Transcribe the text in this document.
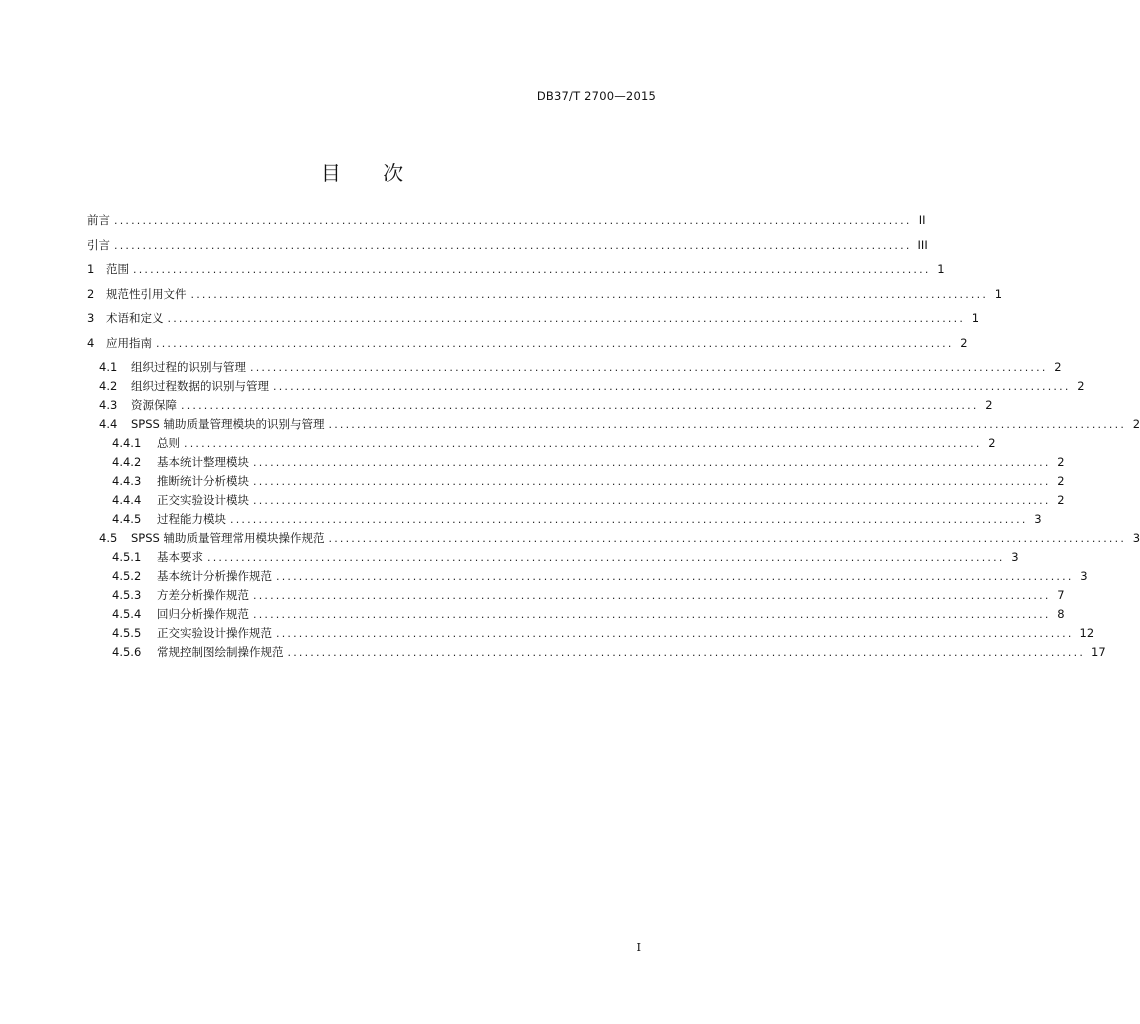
DB37/T 2700—2015
目 次
前言 ............................................................................................................................................ II
引言 ............................................................................................................................................ III
1	范围 ............................................................................................................................................ 1
2	规范性引用文件 ............................................................................................................................................ 1
3	术语和定义 ............................................................................................................................................ 1
4	应用指南 ............................................................................................................................................ 2
4.1	组织过程的识别与管理 ............................................................................................................................................ 2
4.2	组织过程数据的识别与管理 ............................................................................................................................................ 2
4.3	资源保障 ............................................................................................................................................ 2
4.4	SPSS 辅助质量管理模块的识别与管理 ............................................................................................................................................ 2
4.4.1	总则 ............................................................................................................................................ 2
4.4.2	基本统计整理模块 ............................................................................................................................................ 2
4.4.3	推断统计分析模块 ............................................................................................................................................ 2
4.4.4	正交实验设计模块 ............................................................................................................................................ 2
4.4.5	过程能力模块 ............................................................................................................................................ 3
4.5	SPSS 辅助质量管理常用模块操作规范 ............................................................................................................................................ 3
4.5.1	基本要求 ............................................................................................................................................ 3
4.5.2	基本统计分析操作规范 ............................................................................................................................................ 3
4.5.3	方差分析操作规范 ............................................................................................................................................ 7
4.5.4	回归分析操作规范 ............................................................................................................................................ 8
4.5.5	正交实验设计操作规范 ............................................................................................................................................ 12
4.5.6	常规控制图绘制操作规范 ............................................................................................................................................ 17
I
